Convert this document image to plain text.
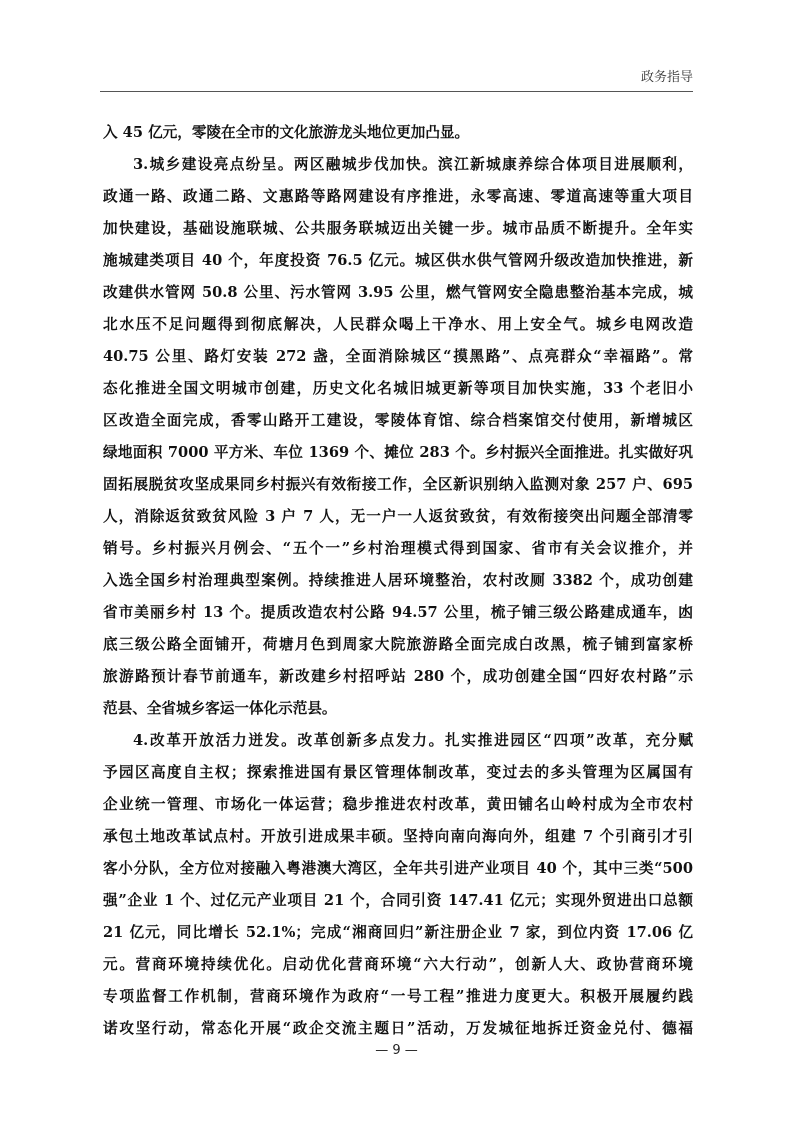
政务指导
入 45 亿元，零陵在全市的文化旅游龙头地位更加凸显。
3.城乡建设亮点纷呈。两区融城步伐加快。滨江新城康养综合体项目进展顺利，
政通一路、政通二路、文惠路等路网建设有序推进，永零高速、零道高速等重大项目
加快建设，基础设施联城、公共服务联城迈出关键一步。城市品质不断提升。全年实
施城建类项目 40 个，年度投资 76.5 亿元。城区供水供气管网升级改造加快推进，新
改建供水管网 50.8 公里、污水管网 3.95 公里，燃气管网安全隐患整治基本完成，城
北水压不足问题得到彻底解决，人民群众喝上干净水、用上安全气。城乡电网改造
40.75 公里、路灯安装 272 盏，全面消除城区“摸黑路”、点亮群众“幸福路”。常
态化推进全国文明城市创建，历史文化名城旧城更新等项目加快实施，33 个老旧小
区改造全面完成，香零山路开工建设，零陵体育馆、综合档案馆交付使用，新增城区
绿地面积 7000 平方米、车位 1369 个、摊位 283 个。乡村振兴全面推进。扎实做好巩
固拓展脱贫攻坚成果同乡村振兴有效衔接工作，全区新识别纳入监测对象 257 户、695
人，消除返贫致贫风险 3 户 7 人，无一户一人返贫致贫，有效衔接突出问题全部清零
销号。乡村振兴月例会、“五个一”乡村治理模式得到国家、省市有关会议推介，并
入选全国乡村治理典型案例。持续推进人居环境整治，农村改厕 3382 个，成功创建
省市美丽乡村 13 个。提质改造农村公路 94.57 公里，梳子铺三级公路建成通车，凼
底三级公路全面铺开，荷塘月色到周家大院旅游路全面完成白改黑，梳子铺到富家桥
旅游路预计春节前通车，新改建乡村招呼站 280 个，成功创建全国“四好农村路”示
范县、全省城乡客运一体化示范县。
4.改革开放活力迸发。改革创新多点发力。扎实推进园区“四项”改革，充分赋
予园区高度自主权；探索推进国有景区管理体制改革，变过去的多头管理为区属国有
企业统一管理、市场化一体运营；稳步推进农村改革，黄田铺名山岭村成为全市农村
承包土地改革试点村。开放引进成果丰硕。坚持向南向海向外，组建 7 个引商引才引
客小分队，全方位对接融入粤港澳大湾区，全年共引进产业项目 40 个，其中三类“500
强”企业 1 个、过亿元产业项目 21 个，合同引资 147.41 亿元；实现外贸进出口总额
21 亿元，同比增长 52.1%；完成“湘商回归”新注册企业 7 家，到位内资 17.06 亿
元。营商环境持续优化。启动优化营商环境“六大行动”，创新人大、政协营商环境
专项监督工作机制，营商环境作为政府“一号工程”推进力度更大。积极开展履约践
诺攻坚行动，常态化开展“政企交流主题日”活动，万发城征地拆迁资金兑付、德福
— 9 —
